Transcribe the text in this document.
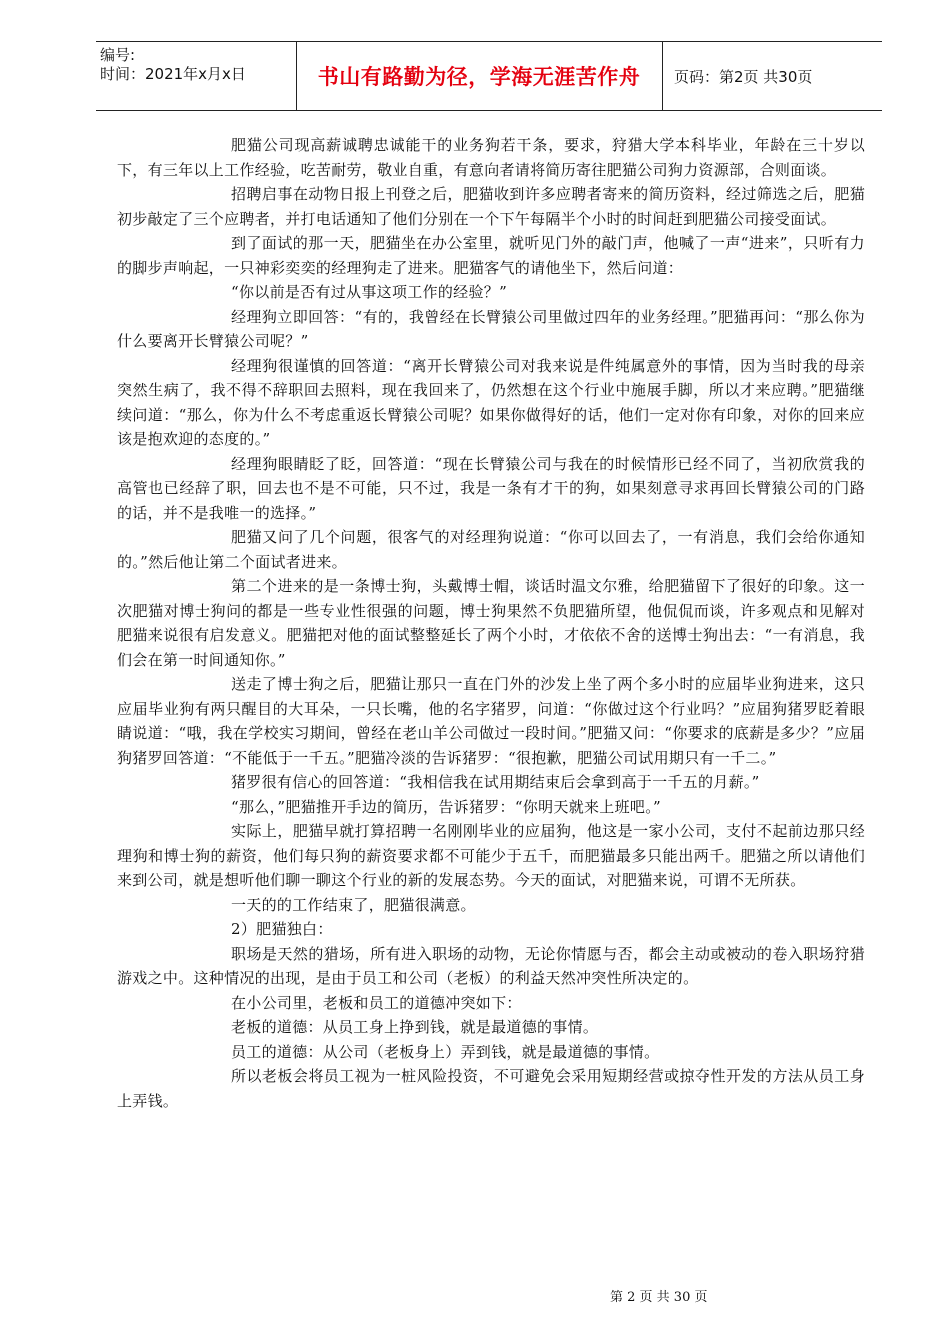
编号:
时间：2021年x月x日	书山有路勤为径，学海无涯苦作舟	页码：第2页 共30页

肥猫公司现高薪诚聘忠诚能干的业务狗若干条，要求，狩猎大学本科毕业，年龄在三十岁以下，有三年以上工作经验，吃苦耐劳，敬业自重，有意向者请将简历寄往肥猫公司狗力资源部，合则面谈。

招聘启事在动物日报上刊登之后，肥猫收到许多应聘者寄来的简历资料，经过筛选之后，肥猫初步敲定了三个应聘者，并打电话通知了他们分别在一个下午每隔半个小时的时间赶到肥猫公司接受面试。

到了面试的那一天，肥猫坐在办公室里，就听见门外的敲门声，他喊了一声“进来”，只听有力的脚步声响起，一只神彩奕奕的经理狗走了进来。肥猫客气的请他坐下，然后问道：

“你以前是否有过从事这项工作的经验？”

经理狗立即回答：“有的，我曾经在长臂猿公司里做过四年的业务经理。”肥猫再问：“那么你为什么要离开长臂猿公司呢？”

经理狗很谨慎的回答道：“离开长臂猿公司对我来说是件纯属意外的事情，因为当时我的母亲突然生病了，我不得不辞职回去照料，现在我回来了，仍然想在这个行业中施展手脚，所以才来应聘。”肥猫继续问道：“那么，你为什么不考虑重返长臂猿公司呢？如果你做得好的话，他们一定对你有印象，对你的回来应该是抱欢迎的态度的。”

经理狗眼睛眨了眨，回答道：“现在长臂猿公司与我在的时候情形已经不同了，当初欣赏我的高管也已经辞了职，回去也不是不可能，只不过，我是一条有才干的狗，如果刻意寻求再回长臂猿公司的门路的话，并不是我唯一的选择。”

肥猫又问了几个问题，很客气的对经理狗说道：“你可以回去了，一有消息，我们会给你通知的。”然后他让第二个面试者进来。

第二个进来的是一条博士狗，头戴博士帽，谈话时温文尔雅，给肥猫留下了很好的印象。这一次肥猫对博士狗问的都是一些专业性很强的问题，博士狗果然不负肥猫所望，他侃侃而谈，许多观点和见解对肥猫来说很有启发意义。肥猫把对他的面试整整延长了两个小时，才依依不舍的送博士狗出去：“一有消息，我们会在第一时间通知你。”

送走了博士狗之后，肥猫让那只一直在门外的沙发上坐了两个多小时的应届毕业狗进来，这只应届毕业狗有两只醒目的大耳朵，一只长嘴，他的名字猪罗，问道：“你做过这个行业吗？”应届狗猪罗眨着眼睛说道：“哦，我在学校实习期间，曾经在老山羊公司做过一段时间。”肥猫又问：“你要求的底薪是多少？”应届狗猪罗回答道：“不能低于一千五。”肥猫冷淡的告诉猪罗：“很抱歉，肥猫公司试用期只有一千二。”

猪罗很有信心的回答道：“我相信我在试用期结束后会拿到高于一千五的月薪。”

“那么，”肥猫推开手边的简历，告诉猪罗：“你明天就来上班吧。”

实际上，肥猫早就打算招聘一名刚刚毕业的应届狗，他这是一家小公司，支付不起前边那只经理狗和博士狗的薪资，他们每只狗的薪资要求都不可能少于五千，而肥猫最多只能出两千。肥猫之所以请他们来到公司，就是想听他们聊一聊这个行业的新的发展态势。今天的面试，对肥猫来说，可谓不无所获。

一天的的工作结束了，肥猫很满意。

2）肥猫独白：

职场是天然的猎场，所有进入职场的动物，无论你情愿与否，都会主动或被动的卷入职场狩猎游戏之中。这种情况的出现，是由于员工和公司（老板）的利益天然冲突性所决定的。

在小公司里，老板和员工的道德冲突如下：

老板的道德：从员工身上挣到钱，就是最道德的事情。

员工的道德：从公司（老板身上）弄到钱，就是最道德的事情。

所以老板会将员工视为一桩风险投资，不可避免会采用短期经营或掠夺性开发的方法从员工身上弄钱。

第 2 页 共 30 页
